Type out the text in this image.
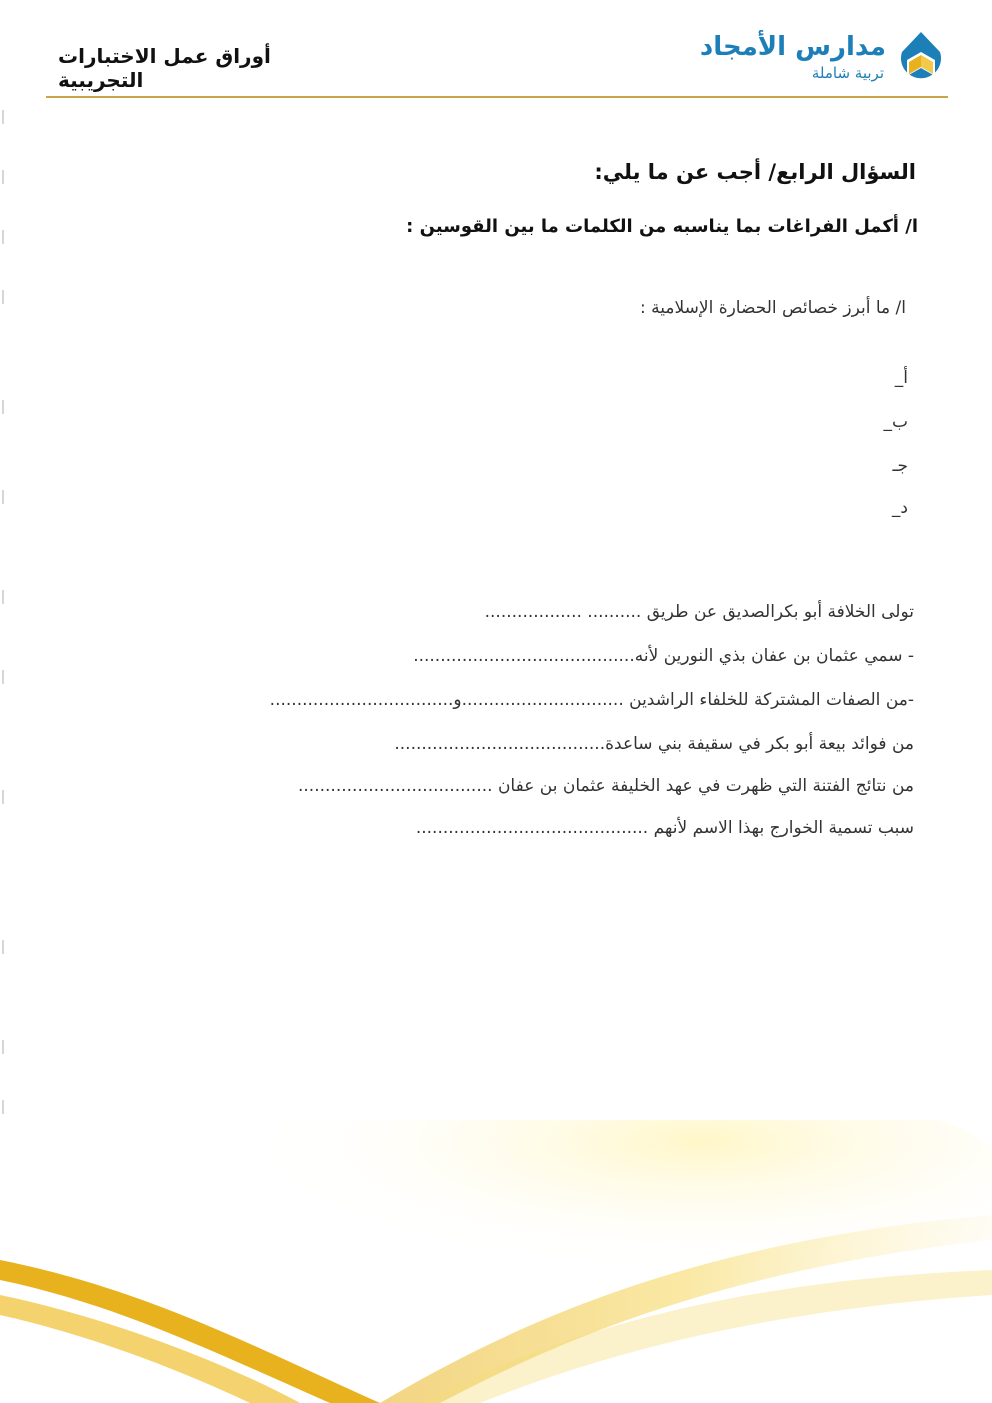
أوراق عمل الاختبارات التجريبية
مدارس الأمجاد
تربية شاملة
السؤال الرابع/ أجب عن ما يلي:
ا/ أكمل الفراغات بما يناسبه من الكلمات ما بين القوسين :
ا/ ما أبرز خصائص الحضارة الإسلامية :
أ_
ب_
جـ
د_
تولى الخلافة أبو بكرالصديق عن طريق .......... ..................
- سمي عثمان بن عفان بذي النورين لأنه.........................................
-من الصفات المشتركة للخلفاء الراشدين ..............................و..................................
من فوائد بيعة أبو بكر في سقيفة بني ساعدة.......................................
من نتائج الفتنة التي ظهرت في عهد الخليفة عثمان بن عفان ....................................
سبب تسمية الخوارج بهذا الاسم لأنهم ...........................................
